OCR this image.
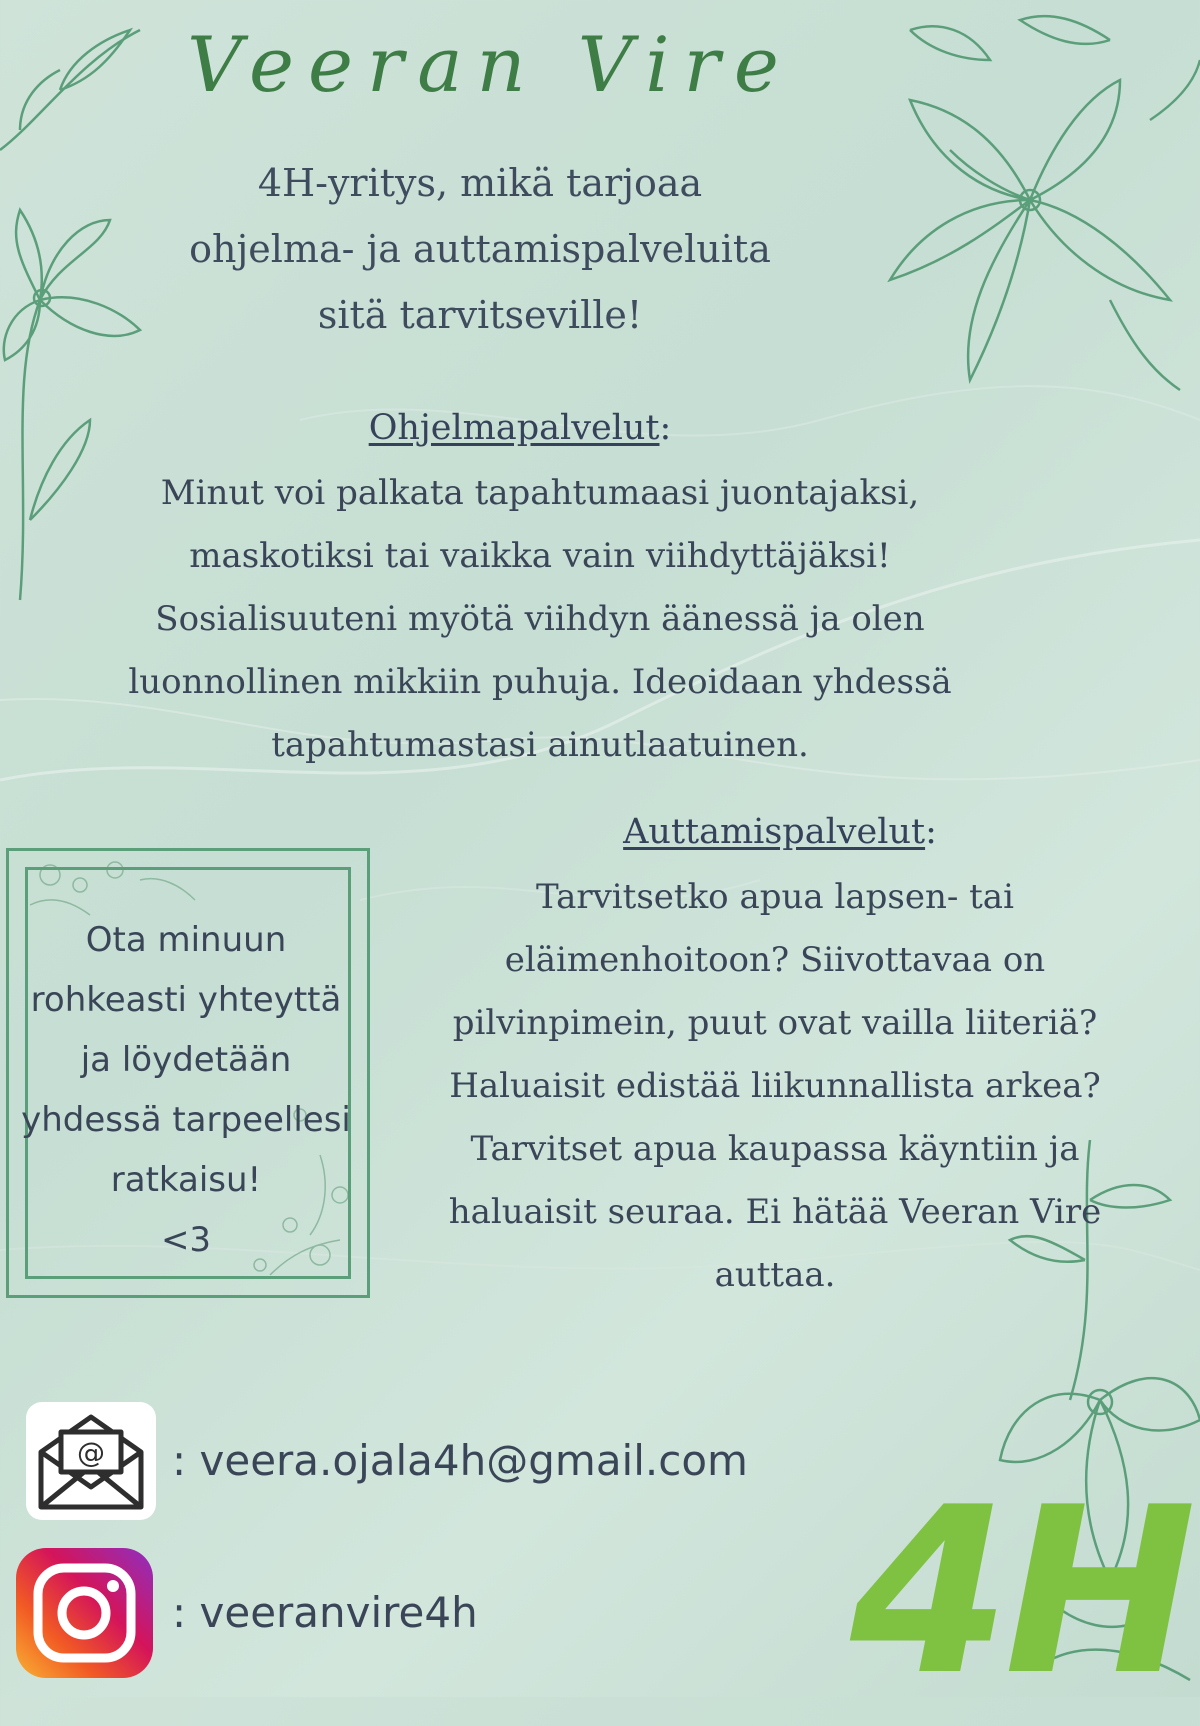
Veeran Vire
4H-yritys, mikä tarjoaa
ohjelma- ja auttamispalveluita
sitä tarvitseville!
Ohjelmapalvelut:
Minut voi palkata tapahtumaasi juontajaksi,
maskotiksi tai vaikka vain viihdyttäjäksi!
Sosialisuuteni myötä viihdyn äänessä ja olen
luonnollinen mikkiin puhuja. Ideoidaan yhdessä
tapahtumastasi ainutlaatuinen.
Auttamispalvelut:
Tarvitsetko apua lapsen- tai
eläimenhoitoon? Siivottavaa on
pilvinpimein, puut ovat vailla liiteriä?
Haluaisit edistää liikunnallista arkea?
Tarvitset apua kaupassa käyntiin ja
haluaisit seuraa. Ei hätää Veeran Vire
auttaa.
Ota minuun
rohkeasti yhteyttä
ja löydetään
yhdessä tarpeellesi
ratkaisu!
<3
@ : veera.ojala4h@gmail.com
: veeranvire4h 4H
